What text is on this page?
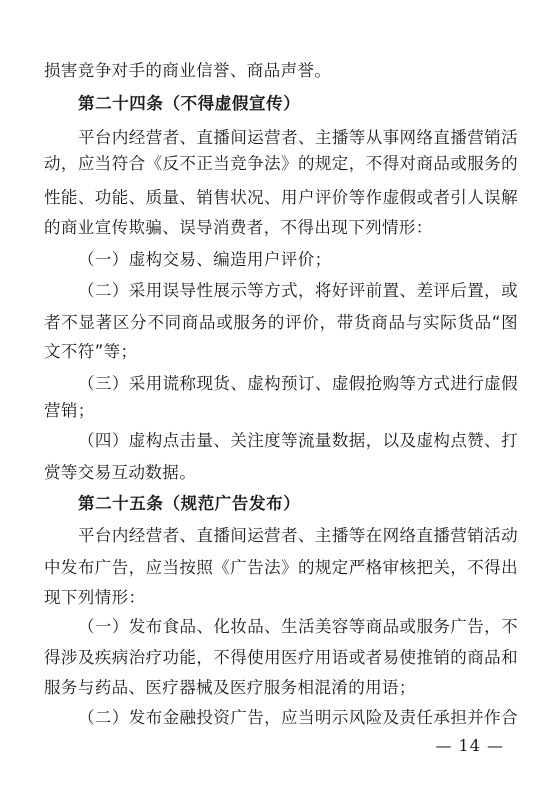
损害竞争对手的商业信誉、商品声誉。
第二十四条（不得虚假宣传）
平台内经营者、直播间运营者、主播等从事网络直播营销活
动，应当符合《反不正当竞争法》的规定，不得对商品或服务的
性能、功能、质量、销售状况、用户评价等作虚假或者引人误解
的商业宣传欺骗、误导消费者，不得出现下列情形：
（一）虚构交易、编造用户评价；
（二）采用误导性展示等方式，将好评前置、差评后置，或
者不显著区分不同商品或服务的评价，带货商品与实际货品“图
文不符”等；
（三）采用谎称现货、虚构预订、虚假抢购等方式进行虚假
营销；
（四）虚构点击量、关注度等流量数据，以及虚构点赞、打
赏等交易互动数据。
第二十五条（规范广告发布）
平台内经营者、直播间运营者、主播等在网络直播营销活动
中发布广告，应当按照《广告法》的规定严格审核把关，不得出
现下列情形：
（一）发布食品、化妆品、生活美容等商品或服务广告，不
得涉及疾病治疗功能，不得使用医疗用语或者易使推销的商品和
服务与药品、医疗器械及医疗服务相混淆的用语；
（二）发布金融投资广告，应当明示风险及责任承担并作合
— 14 —
